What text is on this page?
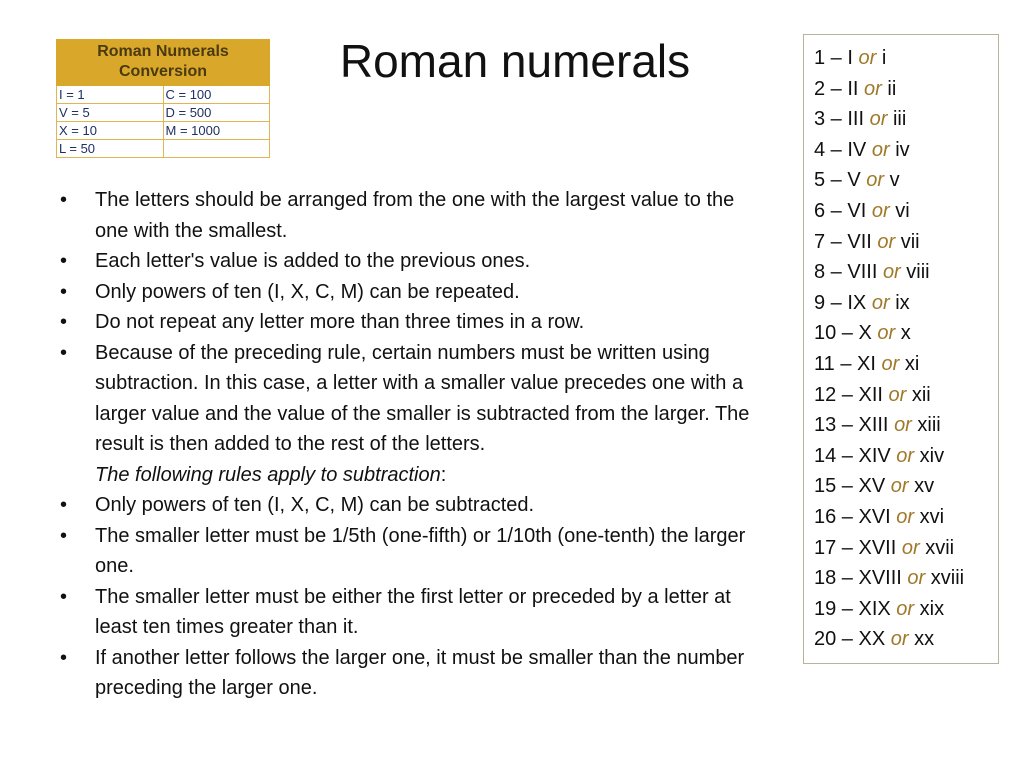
Roman Numerals
Conversion	
I = 1	C = 100
V = 5	D = 500
X = 10	M = 1000
L = 50	
Roman numerals
•	The letters should be arranged from the one with the largest value to the one with the smallest.
•	Each letter's value is added to the previous ones.
•	Only powers of ten (I, X, C, M) can be repeated.
•	Do not repeat any letter more than three times in a row.
•	Because of the preceding rule, certain numbers must be written using subtraction. In this case, a letter with a smaller value precedes one with a larger value and the value of the smaller is subtracted from the larger. The result is then added to the rest of the letters.
The following rules apply to subtraction:
•	Only powers of ten (I, X, C, M) can be subtracted.
•	The smaller letter must be 1/5th (one-fifth) or 1/10th (one-tenth) the larger one.
•	The smaller letter must be either the first letter or preceded by a letter at least ten times greater than it.
•	If another letter follows the larger one, it must be smaller than the number preceding the larger one.
1 – I or i
2 – II or ii
3 – III or iii
4 – IV or iv
5 – V or v
6 – VI or vi
7 – VII or vii
8 – VIII or viii
9 – IX or ix
10 – X or x
11 – XI or xi
12 – XII or xii
13 – XIII or xiii
14 – XIV or xiv
15 – XV or xv
16 – XVI or xvi
17 – XVII or xvii
18 – XVIII or xviii
19 – XIX or xix
20 – XX or xx
